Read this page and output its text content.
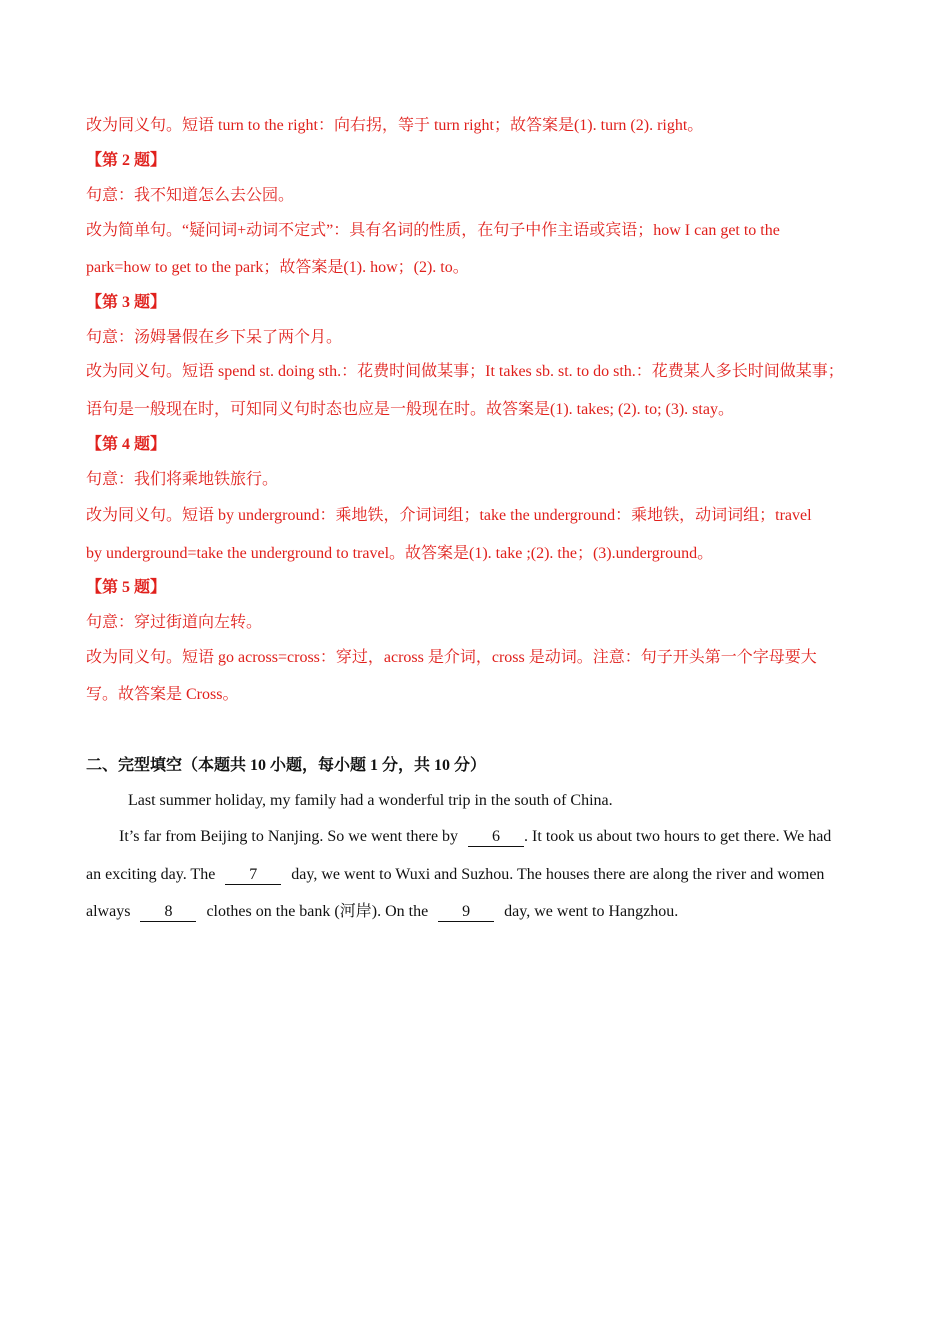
改为同义句。短语 turn to the right：向右拐，等于 turn right；故答案是(1). turn (2). right。
【第 2 题】
句意：我不知道怎么去公园。
改为简单句。“疑问词+动词不定式”：具有名词的性质，在句子中作主语或宾语；how I can get to the
park=how to get to the park；故答案是(1). how；(2). to。
【第 3 题】
句意：汤姆暑假在乡下呆了两个月。
改为同义句。短语 spend st. doing sth.：花费时间做某事；It takes sb. st. to do sth.：花费某人多长时间做某事；
语句是一般现在时，可知同义句时态也应是一般现在时。故答案是(1). takes; (2). to; (3). stay。
【第 4 题】
句意：我们将乘地铁旅行。
改为同义句。短语 by underground：乘地铁，介词词组；take the underground：乘地铁，动词词组；travel
by underground=take the underground to travel。故答案是(1). take ;(2). the；(3).underground。
【第 5 题】
句意：穿过街道向左转。
改为同义句。短语 go across=cross：穿过，across 是介词，cross 是动词。注意：句子开头第一个字母要大
写。故答案是 Cross。
二、完型填空（本题共 10 小题，每小题 1 分，共 10 分）
Last summer holiday, my family had a wonderful trip in the south of China.
It’s far from Beijing to Nanjing. So we went there by 6 . It took us about two hours to get there. We had
an exciting day. The 7 day, we went to Wuxi and Suzhou. The houses there are along the river and women
always 8 clothes on the bank (河岸). On the 9 day, we went to Hangzhou.
